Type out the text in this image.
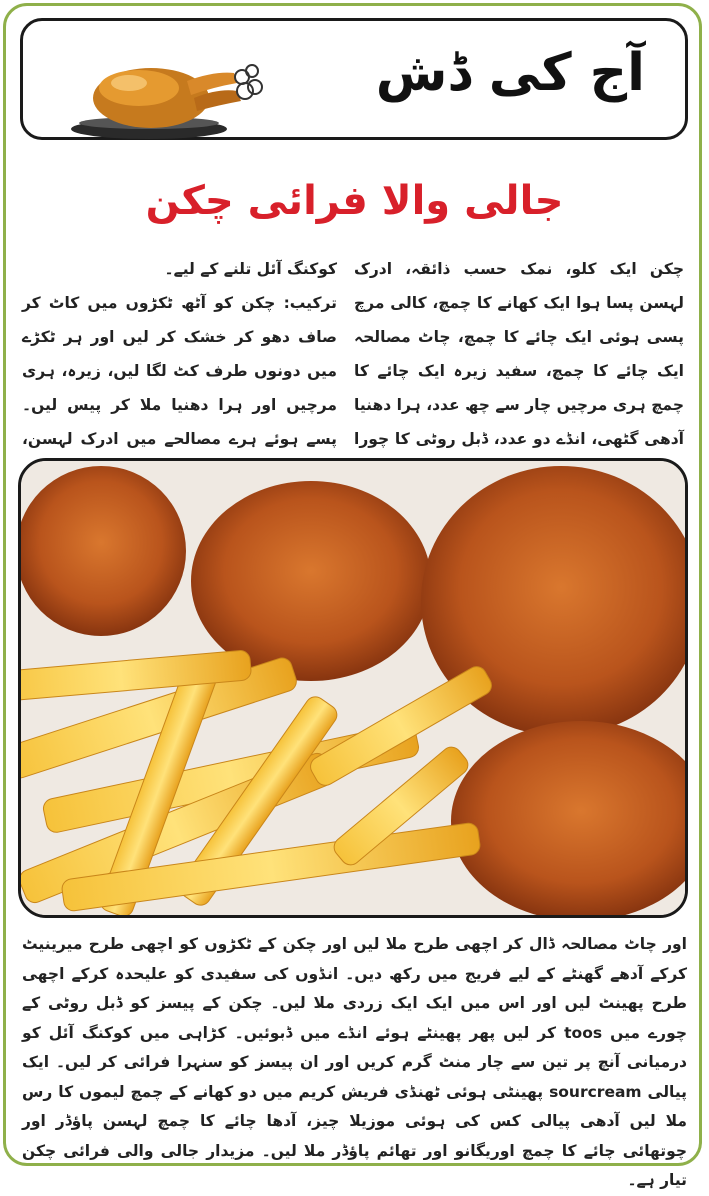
آج کی ڈش
جالی والا فرائی چکن

چکن ایک کلو، نمک حسب ذائقہ، ادرک لہسن پسا ہوا ایک کھانے کا چمچ، کالی مرچ پسی ہوئی ایک چائے کا چمچ، چاٹ مصالحہ ایک چائے کا چمچ، سفید زیرہ ایک چائے کا چمچ ہری مرچیں چار سے چھ عدد، ہرا دھنیا آدھی گٹھی، انڈے دو عدد، ڈبل روٹی کا چورا

کوکنگ آئل تلنے کے لیے۔

ترکیب: چکن کو آٹھ ٹکڑوں میں کاٹ کر صاف دھو کر خشک کر لیں اور ہر ٹکڑے میں دونوں طرف کٹ لگا لیں، زیرہ، ہری مرچیں اور ہرا دھنیا ملا کر پیس لیں۔ پسے ہوئے ہرے مصالحے میں ادرک لہسن،

اور چاٹ مصالحہ ڈال کر اچھی طرح ملا لیں اور چکن کے ٹکڑوں کو اچھی طرح میرینیٹ کرکے آدھے گھنٹے کے لیے فریج میں رکھ دیں۔ انڈوں کی سفیدی کو علیحدہ کرکے اچھی طرح پھینٹ لیں اور اس میں ایک ایک زردی ملا لیں۔ چکن کے پیسز کو ڈبل روٹی کے چورے میں toos کر لیں پھر پھینٹے ہوئے انڈے میں ڈبوئیں۔ کڑاہی میں کوکنگ آئل کو درمیانی آنچ پر تین سے چار منٹ گرم کریں اور ان پیسز کو سنہرا فرائی کر لیں۔ ایک پیالی sourcream پھینٹی ہوئی ٹھنڈی فریش کریم میں دو کھانے کے چمچ لیموں کا رس ملا لیں آدھی پیالی کس کی ہوئی موزیلا چیز، آدھا چائے کا چمچ لہسن پاؤڈر اور چوتھائی چائے کا چمچ اوریگانو اور تھائم پاؤڈر ملا لیں۔ مزیدار جالی والی فرائی چکن تیار ہے۔
